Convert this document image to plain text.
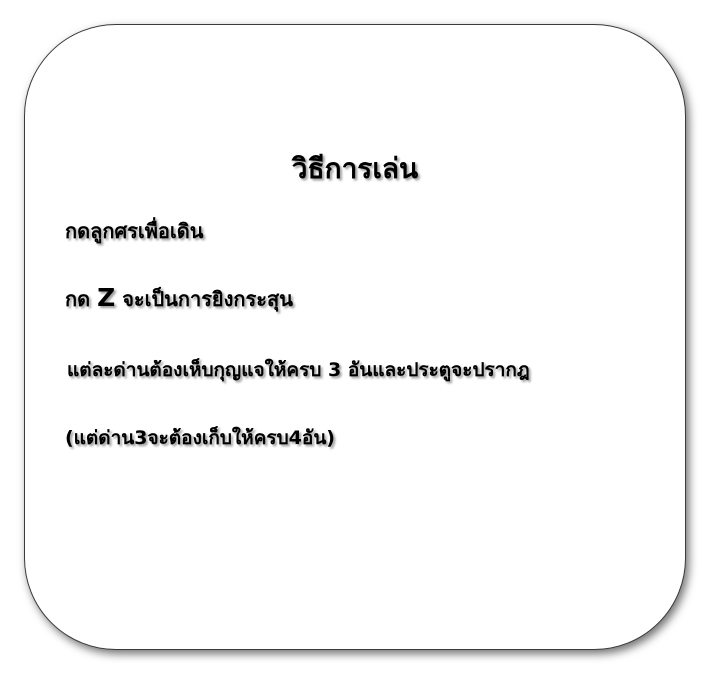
วิธีการเล่น

กดลูกศรเพื่อเดิน

กด Z จะเป็นการยิงกระสุน

แต่ละด่านต้องเห็บกุญแจให้ครบ 3 อันและประตูจะปรากฎ

(แต่ด่าน3จะต้องเก็บให้ครบ4อัน)
